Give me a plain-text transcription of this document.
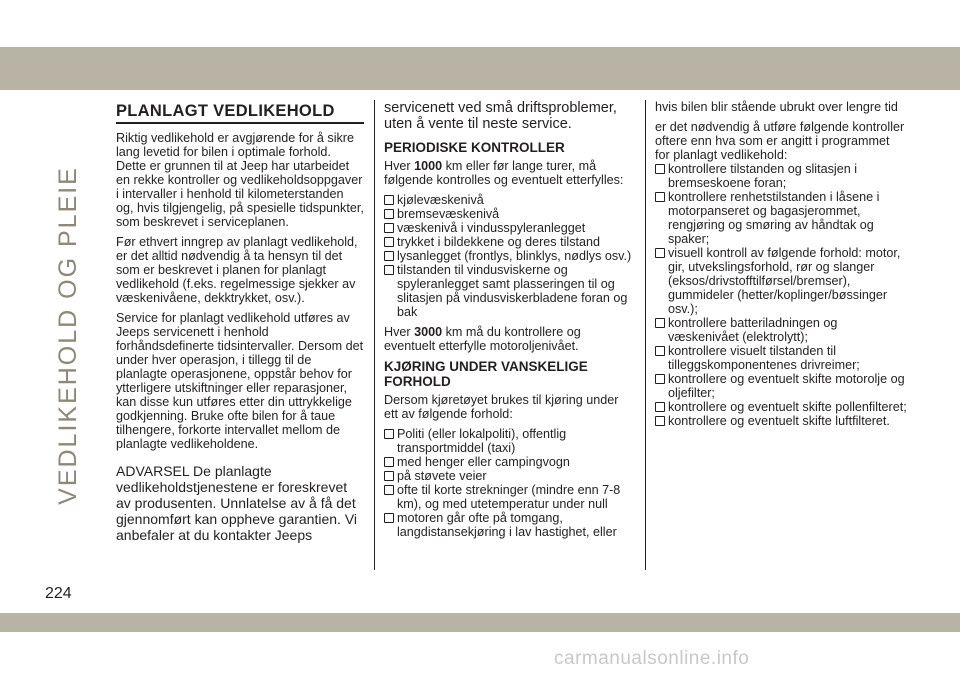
VEDLIKEHOLD OG PLEIE
PLANLAGT VEDLIKEHOLD

Riktig vedlikehold er avgjørende for å sikre lang levetid for bilen i optimale forhold. Dette er grunnen til at Jeep har utarbeidet en rekke kontroller og vedlikeholdsoppgaver i intervaller i henhold til kilometerstanden og, hvis tilgjengelig, på spesielle tidspunkter, som beskrevet i serviceplanen.

Før ethvert inngrep av planlagt vedlikehold, er det alltid nødvendig å ta hensyn til det som er beskrevet i planen for planlagt vedlikehold (f.eks. regelmessige sjekker av væskenivåene, dekktrykket, osv.).

Service for planlagt vedlikehold utføres av Jeeps servicenett i henhold forhåndsdefinerte tidsintervaller. Dersom det under hver operasjon, i tillegg til de planlagte operasjonene, oppstår behov for ytterligere utskiftninger eller reparasjoner, kan disse kun utføres etter din uttrykkelige godkjenning. Bruke ofte bilen for å taue tilhengere, forkorte intervallet mellom de planlagte vedlikeholdene.

ADVARSEL De planlagte vedlikeholdstjenestene er foreskrevet av produsenten. Unnlatelse av å få det gjennomført kan oppheve garantien. Vi anbefaler at du kontakter Jeeps

servicenett ved små driftsproblemer, uten å vente til neste service.

PERIODISKE KONTROLLER

Hver 1000 km eller før lange turer, må følgende kontrolles og eventuelt etterfylles:

kjølevæskenivå
bremsevæskenivå
væskenivå i vindusspyleranlegget
trykket i bildekkene og deres tilstand
lysanlegget (frontlys, blinklys, nødlys osv.)
tilstanden til vindusviskerne og spyleranlegget samt plasseringen til og slitasjen på vindusviskerbladene foran og bak

Hver 3000 km må du kontrollere og eventuelt etterfylle motoroljenivået.

KJØRING UNDER VANSKELIGE FORHOLD

Dersom kjøretøyet brukes til kjøring under ett av følgende forhold:

Politi (eller lokalpoliti), offentlig transportmiddel (taxi)
med henger eller campingvogn
på støvete veier
ofte til korte strekninger (mindre enn 7-8 km), og med utetemperatur under null
motoren går ofte på tomgang, langdistansekjøring i lav hastighet, eller

hvis bilen blir stående ubrukt over lengre tid

er det nødvendig å utføre følgende kontroller oftere enn hva som er angitt i programmet for planlagt vedlikehold:

kontrollere tilstanden og slitasjen i bremseskoene foran;
kontrollere renhetstilstanden i låsene i motorpanseret og bagasjerommet, rengjøring og smøring av håndtak og spaker;
visuell kontroll av følgende forhold: motor, gir, utvekslingsforhold, rør og slanger (eksos/drivstofftilførsel/bremser), gummideler (hetter/koplinger/bøssinger osv.);
kontrollere batteriladningen og væskenivået (elektrolytt);
kontrollere visuelt tilstanden til tilleggskomponentenes drivreimer;
kontrollere og eventuelt skifte motorolje og oljefilter;
kontrollere og eventuelt skifte pollenfilteret;
kontrollere og eventuelt skifte luftfilteret.
224
carmanualsonline.info
